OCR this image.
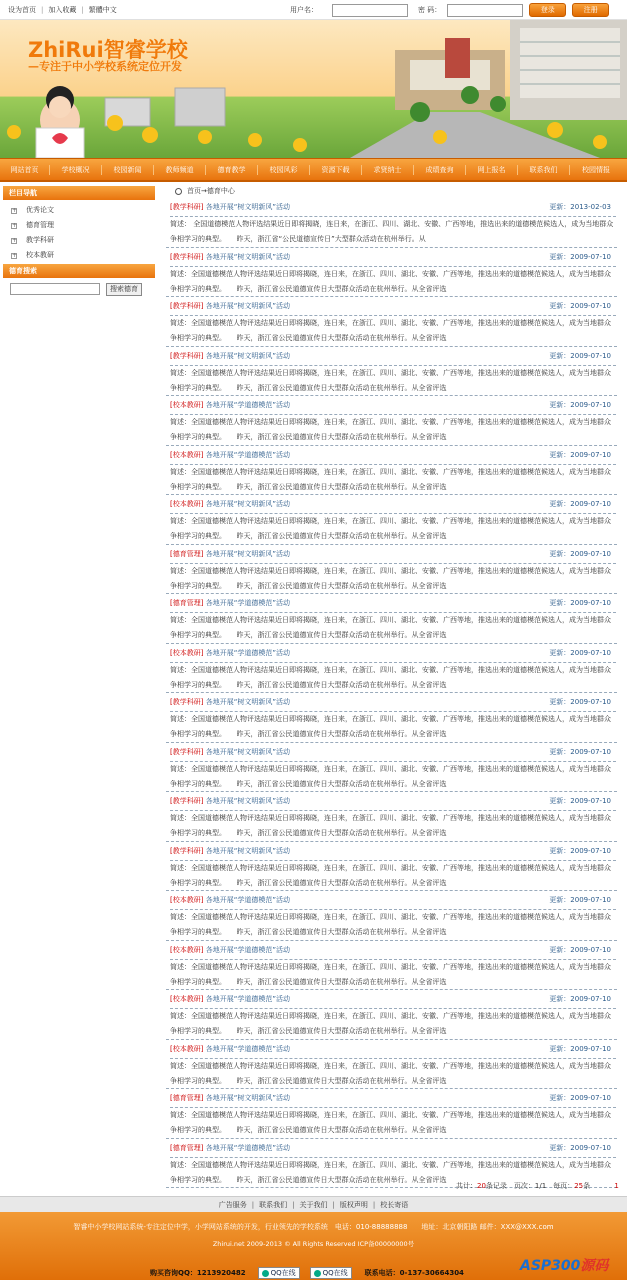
设为首页 | 加入收藏 | 繁體中文	用户名：	密 码：	登录	注册
ZhiRui智睿学校
—专注于中小学校系统定位开发
网站首页	学校概况	校园新闻	教师频道	德育教学	校园风彩	资源下载	求贤纳士	成绩查询	网上报名	联系我们	校园情报
栏目导航
+ 优秀论文
+ 德育管理
+ 教学科研
+ 校本教研
德育搜索
搜索德育
首页→德育中心
[教学科研] 各地开展“树文明新风”活动	更新：2013-02-03
简述： 全国道德模范人物评选结果近日即将揭晓，连日来，在浙江、四川、湖北、安徽、广西等地，推选出来的道德模范候选人，成为当地群众争相学习的典型。　　昨天，浙江省“公民道德宣传日”大型群众活动在杭州举行。从
[教学科研] 各地开展“树文明新风”活动	更新：2009-07-10
简述：全国道德模范人物评选结果近日即将揭晓，连日来，在浙江、四川、湖北、安徽、广西等地，推选出来的道德模范候选人，成为当地群众争相学习的典型。　　昨天，浙江省公民道德宣传日大型群众活动在杭州举行。从全省评选
[教学科研] 各地开展“树文明新风”活动	更新：2009-07-10
简述：全国道德模范人物评选结果近日即将揭晓，连日来，在浙江、四川、湖北、安徽、广西等地，推选出来的道德模范候选人，成为当地群众争相学习的典型。　　昨天，浙江省公民道德宣传日大型群众活动在杭州举行。从全省评选
[教学科研] 各地开展“树文明新风”活动	更新：2009-07-10
简述：全国道德模范人物评选结果近日即将揭晓，连日来，在浙江、四川、湖北、安徽、广西等地，推选出来的道德模范候选人，成为当地群众争相学习的典型。　　昨天，浙江省公民道德宣传日大型群众活动在杭州举行。从全省评选
[校本教研] 各地开展“学道德模范”活动	更新：2009-07-10
简述：全国道德模范人物评选结果近日即将揭晓，连日来，在浙江、四川、湖北、安徽、广西等地，推选出来的道德模范候选人，成为当地群众争相学习的典型。　　昨天，浙江省公民道德宣传日大型群众活动在杭州举行。从全省评选
[校本教研] 各地开展“学道德模范”活动	更新：2009-07-10
简述：全国道德模范人物评选结果近日即将揭晓，连日来，在浙江、四川、湖北、安徽、广西等地，推选出来的道德模范候选人，成为当地群众争相学习的典型。　　昨天，浙江省公民道德宣传日大型群众活动在杭州举行。从全省评选
[校本教研] 各地开展“树文明新风”活动	更新：2009-07-10
简述：全国道德模范人物评选结果近日即将揭晓，连日来，在浙江、四川、湖北、安徽、广西等地，推选出来的道德模范候选人，成为当地群众争相学习的典型。　　昨天，浙江省公民道德宣传日大型群众活动在杭州举行。从全省评选
[德育管理] 各地开展“树文明新风”活动	更新：2009-07-10
简述：全国道德模范人物评选结果近日即将揭晓，连日来，在浙江、四川、湖北、安徽、广西等地，推选出来的道德模范候选人，成为当地群众争相学习的典型。　　昨天，浙江省公民道德宣传日大型群众活动在杭州举行。从全省评选
[德育管理] 各地开展“学道德模范”活动	更新：2009-07-10
简述：全国道德模范人物评选结果近日即将揭晓，连日来，在浙江、四川、湖北、安徽、广西等地，推选出来的道德模范候选人，成为当地群众争相学习的典型。　　昨天，浙江省公民道德宣传日大型群众活动在杭州举行。从全省评选
[校本教研] 各地开展“学道德模范”活动	更新：2009-07-10
简述：全国道德模范人物评选结果近日即将揭晓，连日来，在浙江、四川、湖北、安徽、广西等地，推选出来的道德模范候选人，成为当地群众争相学习的典型。　　昨天，浙江省公民道德宣传日大型群众活动在杭州举行。从全省评选
[教学科研] 各地开展“树文明新风”活动	更新：2009-07-10
简述：全国道德模范人物评选结果近日即将揭晓，连日来，在浙江、四川、湖北、安徽、广西等地，推选出来的道德模范候选人，成为当地群众争相学习的典型。　　昨天，浙江省公民道德宣传日大型群众活动在杭州举行。从全省评选
[教学科研] 各地开展“树文明新风”活动	更新：2009-07-10
简述：全国道德模范人物评选结果近日即将揭晓，连日来，在浙江、四川、湖北、安徽、广西等地，推选出来的道德模范候选人，成为当地群众争相学习的典型。　　昨天，浙江省公民道德宣传日大型群众活动在杭州举行。从全省评选
[教学科研] 各地开展“树文明新风”活动	更新：2009-07-10
简述：全国道德模范人物评选结果近日即将揭晓，连日来，在浙江、四川、湖北、安徽、广西等地，推选出来的道德模范候选人，成为当地群众争相学习的典型。　　昨天，浙江省公民道德宣传日大型群众活动在杭州举行。从全省评选
[教学科研] 各地开展“树文明新风”活动	更新：2009-07-10
简述：全国道德模范人物评选结果近日即将揭晓，连日来，在浙江、四川、湖北、安徽、广西等地，推选出来的道德模范候选人，成为当地群众争相学习的典型。　　昨天，浙江省公民道德宣传日大型群众活动在杭州举行。从全省评选
[校本教研] 各地开展“学道德模范”活动	更新：2009-07-10
简述：全国道德模范人物评选结果近日即将揭晓，连日来，在浙江、四川、湖北、安徽、广西等地，推选出来的道德模范候选人，成为当地群众争相学习的典型。　　昨天，浙江省公民道德宣传日大型群众活动在杭州举行。从全省评选
[校本教研] 各地开展“学道德模范”活动	更新：2009-07-10
简述：全国道德模范人物评选结果近日即将揭晓，连日来，在浙江、四川、湖北、安徽、广西等地，推选出来的道德模范候选人，成为当地群众争相学习的典型。　　昨天，浙江省公民道德宣传日大型群众活动在杭州举行。从全省评选
[校本教研] 各地开展“学道德模范”活动	更新：2009-07-10
简述：全国道德模范人物评选结果近日即将揭晓，连日来，在浙江、四川、湖北、安徽、广西等地，推选出来的道德模范候选人，成为当地群众争相学习的典型。　　昨天，浙江省公民道德宣传日大型群众活动在杭州举行。从全省评选
[校本教研] 各地开展“学道德模范”活动	更新：2009-07-10
简述：全国道德模范人物评选结果近日即将揭晓，连日来，在浙江、四川、湖北、安徽、广西等地，推选出来的道德模范候选人，成为当地群众争相学习的典型。　　昨天，浙江省公民道德宣传日大型群众活动在杭州举行。从全省评选
[德育管理] 各地开展“树文明新风”活动	更新：2009-07-10
简述：全国道德模范人物评选结果近日即将揭晓，连日来，在浙江、四川、湖北、安徽、广西等地，推选出来的道德模范候选人，成为当地群众争相学习的典型。　　昨天，浙江省公民道德宣传日大型群众活动在杭州举行。从全省评选
[德育管理] 各地开展“学道德模范”活动	更新：2009-07-10
简述：全国道德模范人物评选结果近日即将揭晓，连日来，在浙江、四川、湖北、安徽、广西等地，推选出来的道德模范候选人，成为当地群众争相学习的典型。　　昨天，浙江省公民道德宣传日大型群众活动在杭州举行。从全省评选
共计：20条记录　页次：1/1　每页：25条	1
广告服务 | 联系我们 | 关于我们 | 版权声明 | 校长寄语
智睿中小学校网站系统-专注定位中学，小学网站系统的开发，行业领先的学校系统　电话：010-88888888　　地址：北京朝阳路 邮件：XXX@XXX.com
Zhirui.net 2009-2013 © All Rights Reserved ICP备00000000号
购买咨询QQ：1213920482	QQ在线	QQ在线 联系电话：0-137-30664304	ASP300源码
